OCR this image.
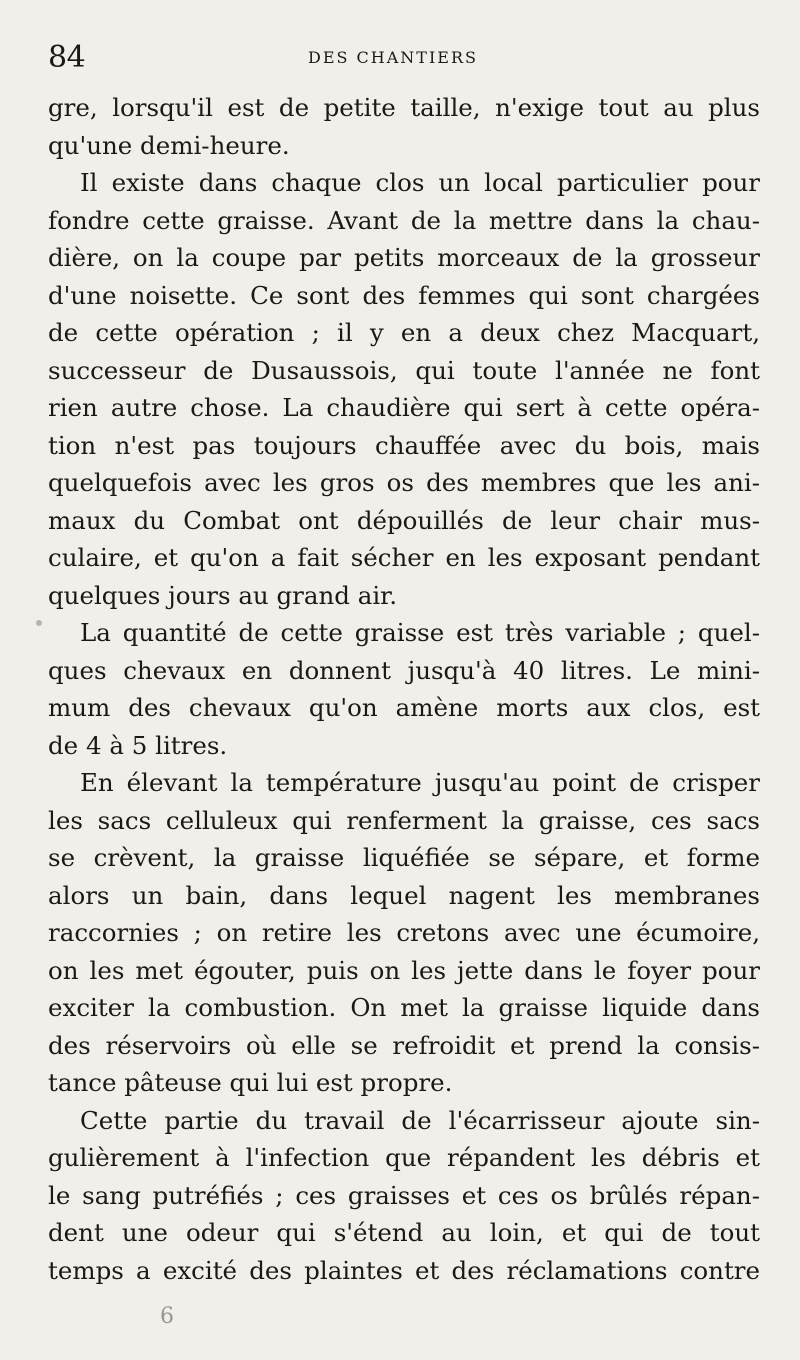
84	DES CHANTIERS
gre, lorsqu'il est de petite taille, n'exige tout au plus
qu'une demi-heure.
Il existe dans chaque clos un local particulier pour
fondre cette graisse. Avant de la mettre dans la chau-
dière, on la coupe par petits morceaux de la grosseur
d'une noisette. Ce sont des femmes qui sont chargées
de cette opération ; il y en a deux chez Macquart,
successeur de Dusaussois, qui toute l'année ne font
rien autre chose. La chaudière qui sert à cette opéra-
tion n'est pas toujours chauffée avec du bois, mais
quelquefois avec les gros os des membres que les ani-
maux du Combat ont dépouillés de leur chair mus-
culaire, et qu'on a fait sécher en les exposant pendant
quelques jours au grand air.
La quantité de cette graisse est très variable ; quel-
ques chevaux en donnent jusqu'à 40 litres. Le mini-
mum des chevaux qu'on amène morts aux clos, est
de 4 à 5 litres.
En élevant la température jusqu'au point de crisper
les sacs celluleux qui renferment la graisse, ces sacs
se crèvent, la graisse liquéfiée se sépare, et forme
alors un bain, dans lequel nagent les membranes
raccornies ; on retire les cretons avec une écumoire,
on les met égouter, puis on les jette dans le foyer pour
exciter la combustion. On met la graisse liquide dans
des réservoirs où elle se refroidit et prend la consis-
tance pâteuse qui lui est propre.
Cette partie du travail de l'écarrisseur ajoute sin-
gulièrement à l'infection que répandent les débris et
le sang putréfiés ; ces graisses et ces os brûlés répan-
dent une odeur qui s'étend au loin, et qui de tout
temps a excité des plaintes et des réclamations contre
6
